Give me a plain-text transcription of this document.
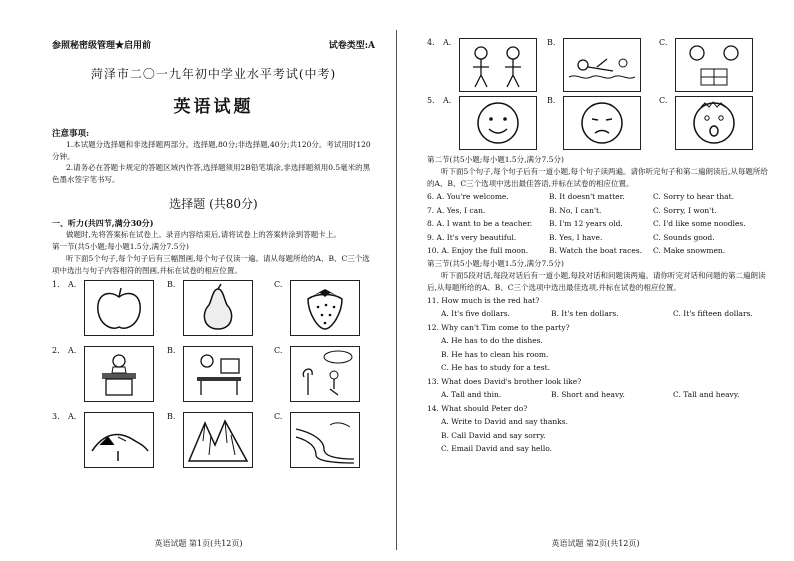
参照秘密级管理★启用前	试卷类型:A
菏泽市二〇一九年初中学业水平考试(中考)
英语试题
注意事项:
1.本试题分选择题和非选择题两部分。选择题,80分;非选择题,40分;共120分。考试用时120分钟。
2.请务必在答题卡规定的答题区域内作答,选择题须用2B铅笔填涂,非选择题须用0.5毫米的黑色墨水签字笔书写。
选择题 (共80分)
一、听力(共四节,满分30分)
做题时,先将答案标在试卷上。录音内容结束后,请将试卷上的答案转涂到答题卡上。
第一节(共5小题;每小题1.5分,满分7.5分)
听下面5个句子,每个句子后有三幅图画,每个句子仅读一遍。请从每题所给的A、B、C三个选项中选出与句子内容相符的图画,并标在试卷的相应位置。
1.	A.	B.	C.
2.	A.	B.	C.
3.	A.	B.	C.
英语试题 第1页(共12页)
4.	A.	B.	C.
5.	A.	B.	C.
第二节(共5小题;每小题1.5分,满分7.5分)
听下面5个句子,每个句子后有一道小题,每个句子读两遍。请你听完句子和第二遍朗读后,从每题所给的A、B、C三个选项中选出最佳答语,并标在试卷的相应位置。
6. A. You're welcome.	B. It doesn't matter.	C. Sorry to hear that.
7. A. Yes, I can.	B. No, I can't.	C. Sorry, I won't.
8. A. I want to be a teacher.	B. I'm 12 years old.	C. I'd like some noodles.
9. A. It's very beautiful.	B. Yes, I have.	C. Sounds good.
10. A. Enjoy the full moon.	B. Watch the boat races.	C. Make snowmen.
第三节(共5小题;每小题1.5分,满分7.5分)
听下面5段对话,每段对话后有一道小题,每段对话和问题读两遍。请你听完对话和问题的第二遍朗读后,从每题所给的A、B、C三个选项中选出最佳选项,并标在试卷的相应位置。
11. How much is the red hat?
A. It's five dollars.	B. It's ten dollars.	C. It's fifteen dollars.
12. Why can't Tim come to the party?
A. He has to do the dishes.
B. He has to clean his room.
C. He has to study for a test.
13. What does David's brother look like?
A. Tall and thin.	B. Short and heavy.	C. Tall and heavy.
14. What should Peter do?
A. Write to David and say thanks.
B. Call David and say sorry.
C. Email David and say hello.
英语试题 第2页(共12页)
